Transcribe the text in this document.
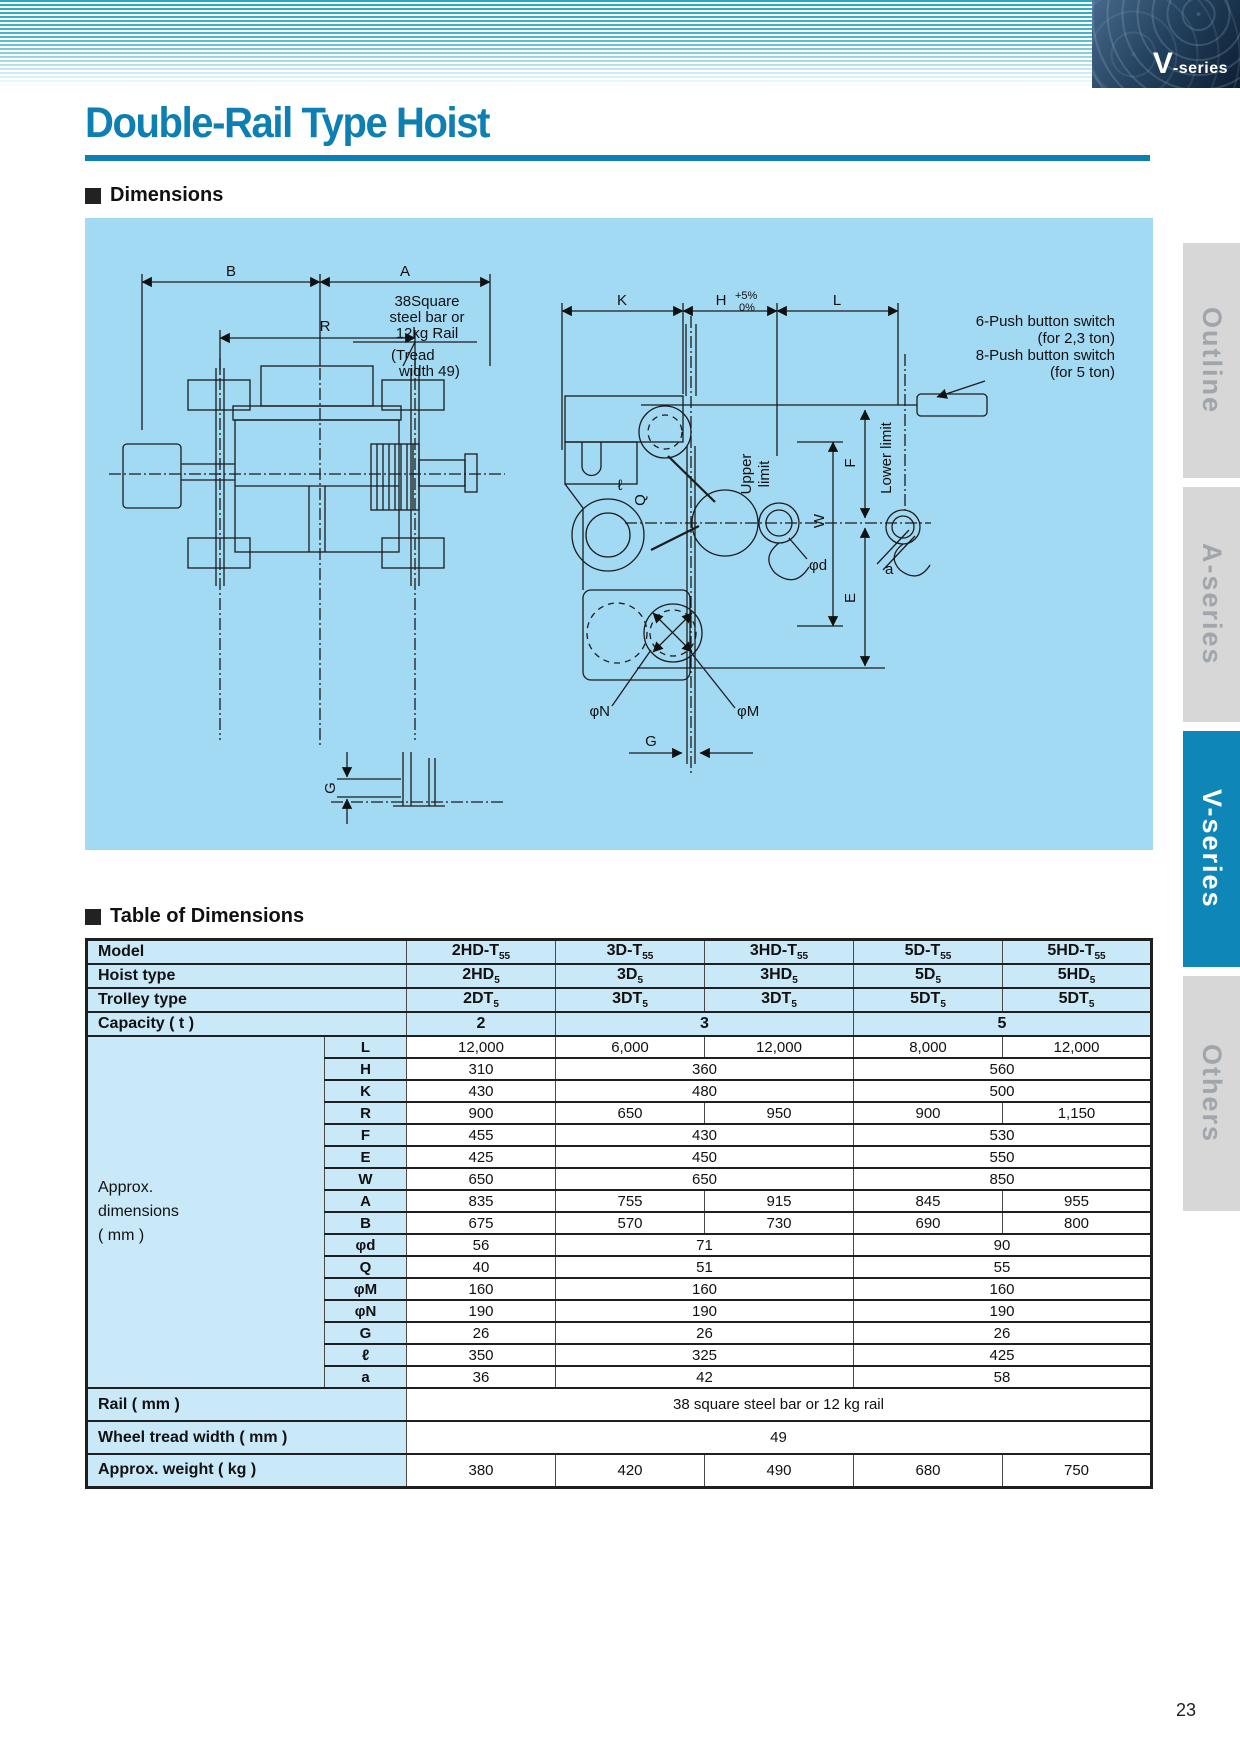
V-series
Double-Rail Type Hoist
Dimensions
B	A
R
38Square
steel bar or
12kg Rail
(Tread
width 49)
K	H +5%
0%	L
6-Push button switch
(for 2,3 ton)
8-Push button switch
(for 5 ton)
Upper limit	Lower limit
F
E
W
Q
ℓ
φd
φN	φM
G
G
a
Outline
A-series
V-series
Others
Table of Dimensions
Model		$2HD-T_{55}$	$3D-T_{55}$	$3HD-T_{55}$	$5D-T_{55}$	$5HD-T_{55}$
Hoist type		$2HD_5$	$3D_5$	$3HD_5$	$5D_5$	$5HD_5$
Trolley type		$2DT_5$	$3DT_5$	$3DT_5$	$5DT_5$	$5DT_5$
Capacity ( t )		2	3		5	

Approx.
dimensions
( mm )	L	12,000	6,000	12,000	8,000	12,000
	H	310	360		560	
	K	430	480		500	
	R	900	650	950	900	1,150
	F	455	430		530	
	E	425	450		550	
	W	650	650		850	
	A	835	755	915	845	955
	B	675	570	730	690	800
	φd	56	71		90	
	Q	40	51		55	
	φM	160	160		160	
	φN	190	190		190	
	G	26	26		26	
	ℓ	350	325		425	
	a	36	42		58	
Rail ( mm )		38 square steel bar or 12 kg rail				
Wheel tread width ( mm )		49				
Approx. weight ( kg )		380	420	490	680	750
23
